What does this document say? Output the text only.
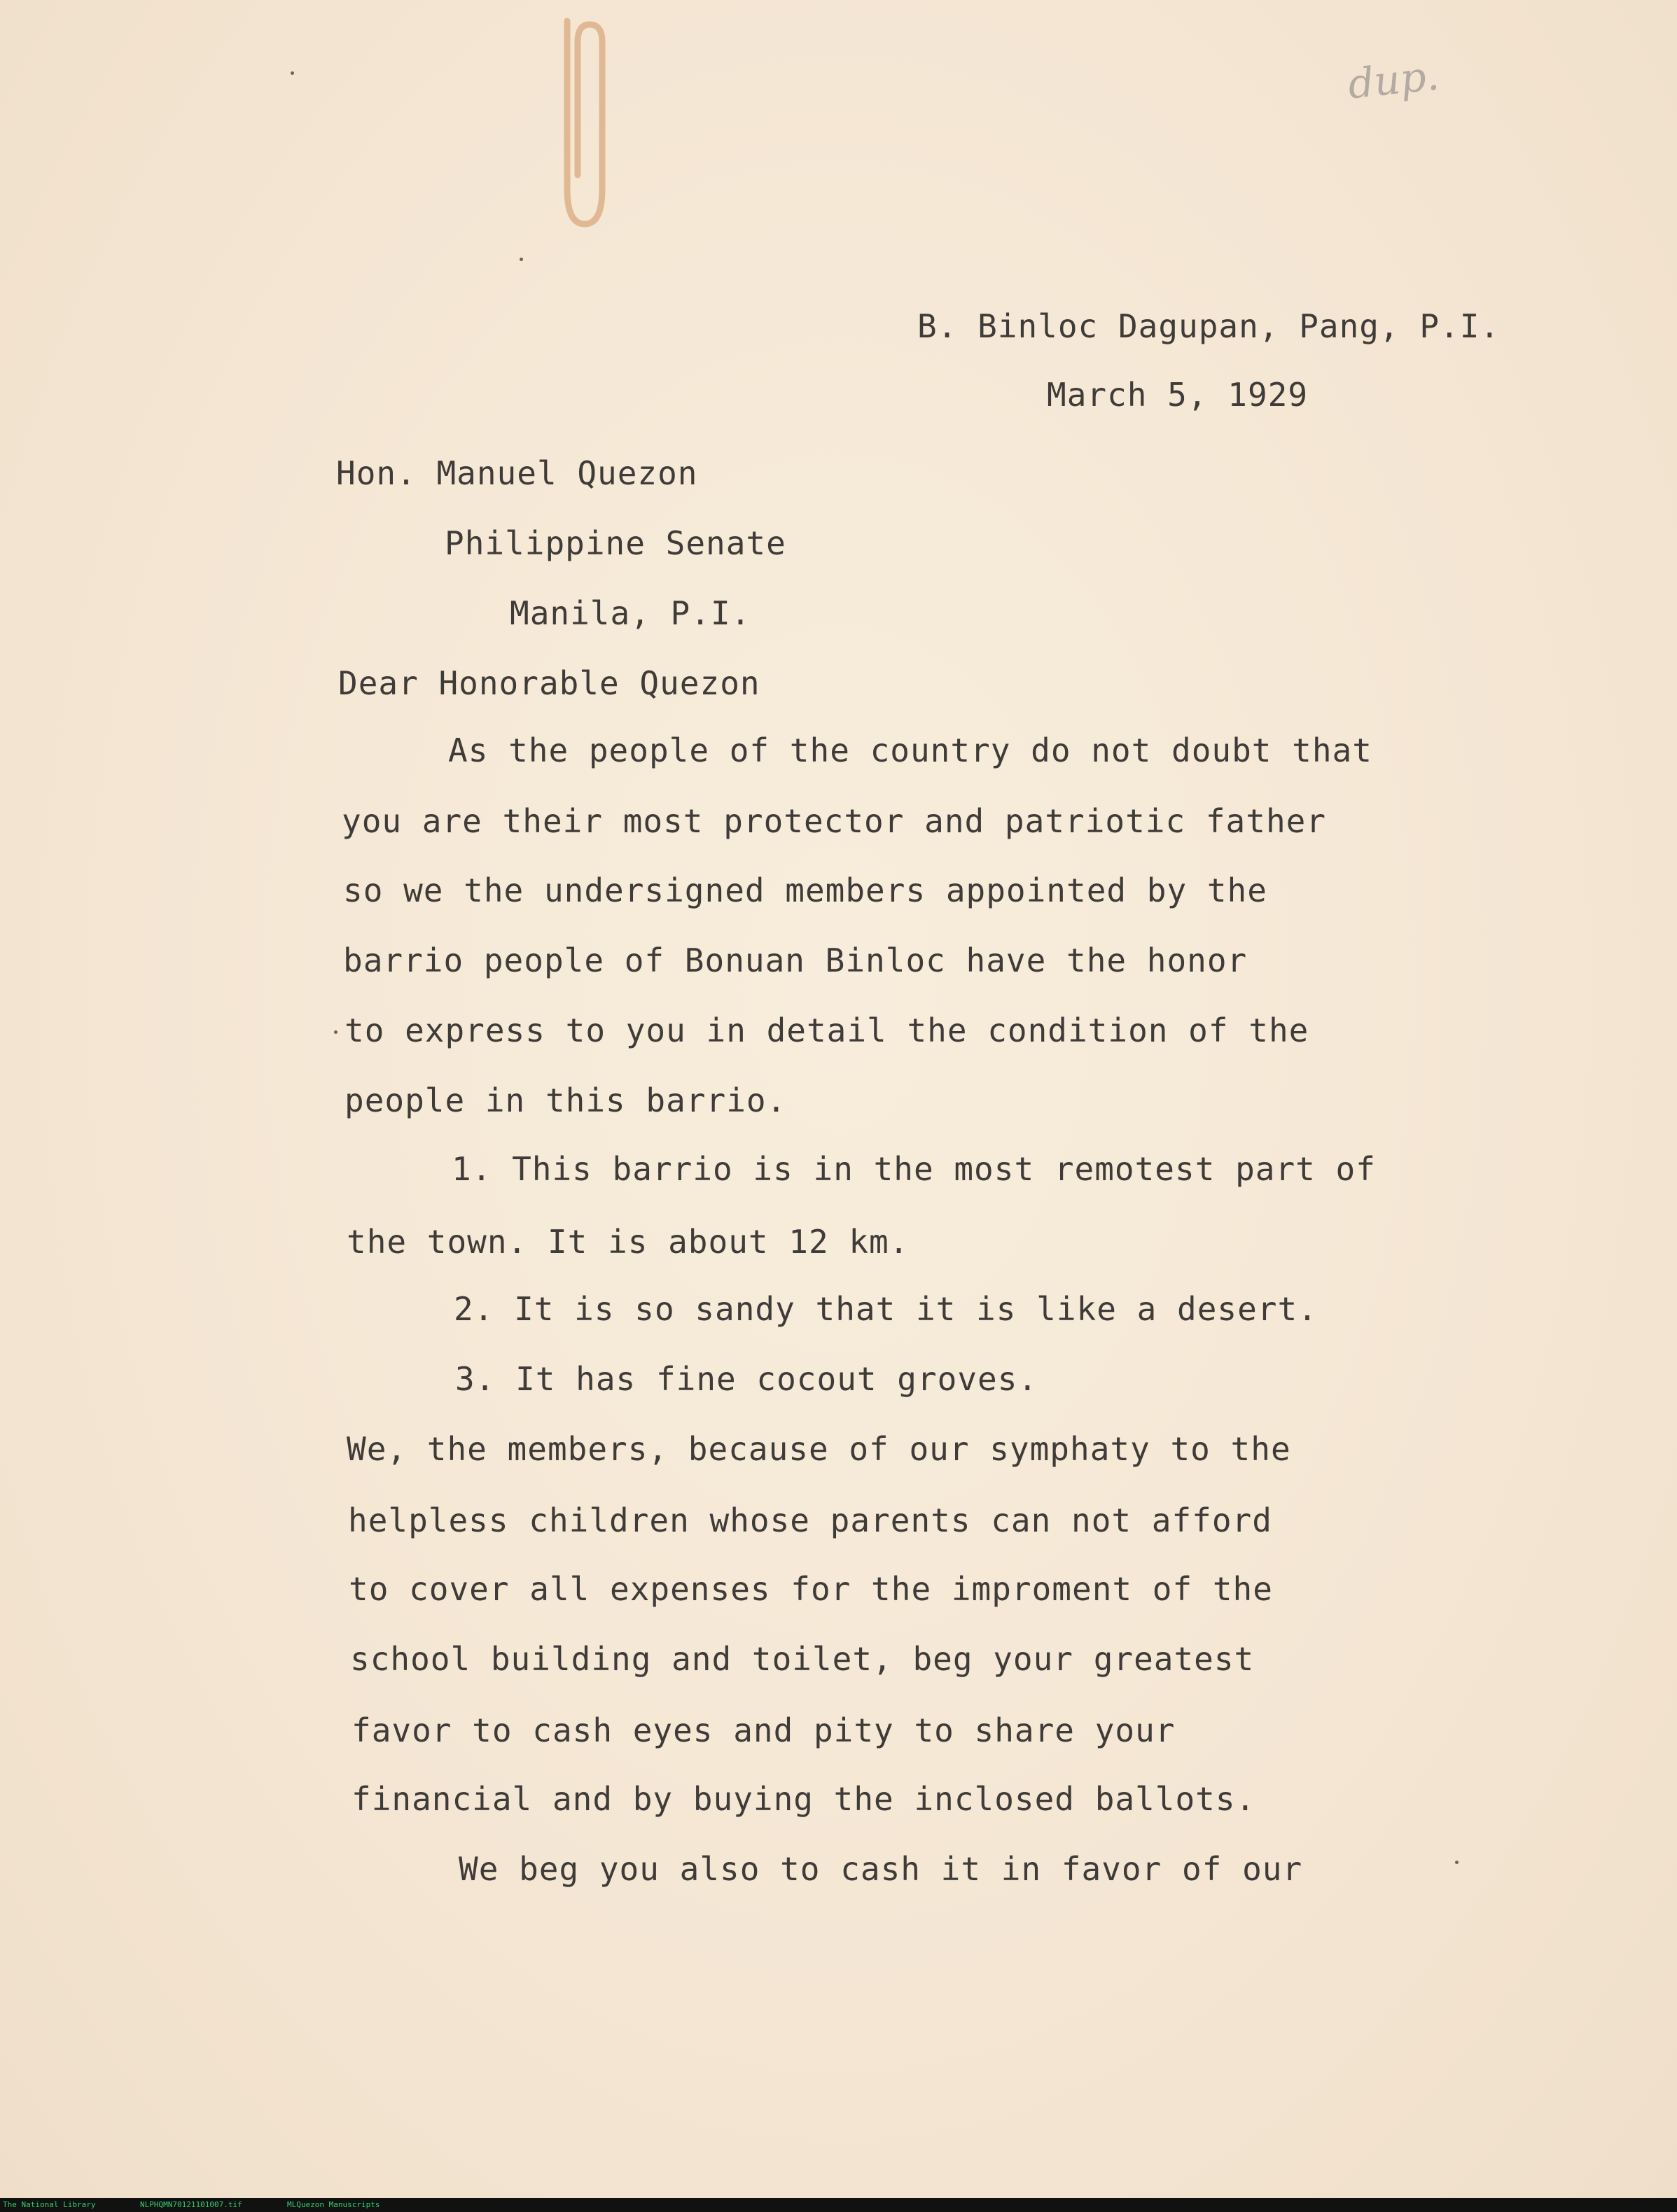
dup.
B. Binloc Dagupan, Pang, P.I.
March 5, 1929
Hon. Manuel Quezon
Philippine Senate
Manila, P.I.
Dear Honorable Quezon
As the people of the country do not doubt that
you are their most protector and patriotic father
so we the undersigned members appointed by the
barrio people of Bonuan Binloc have the honor
to express to you in detail the condition of the
people in this barrio.
1. This barrio is in the most remotest part of
the town. It is about 12 km.
2. It is so sandy that it is like a desert.
3. It has fine cocout groves.
We, the members, because of our symphaty to the
helpless children whose parents can not afford
to cover all expenses for the improment of the
school building and toilet, beg your greatest
favor to cash eyes and pity to share your
financial and by buying the inclosed ballots.
We beg you also to cash it in favor of our
The National Library	NLPHQMN70121101007.tif	MLQuezon Manuscripts
